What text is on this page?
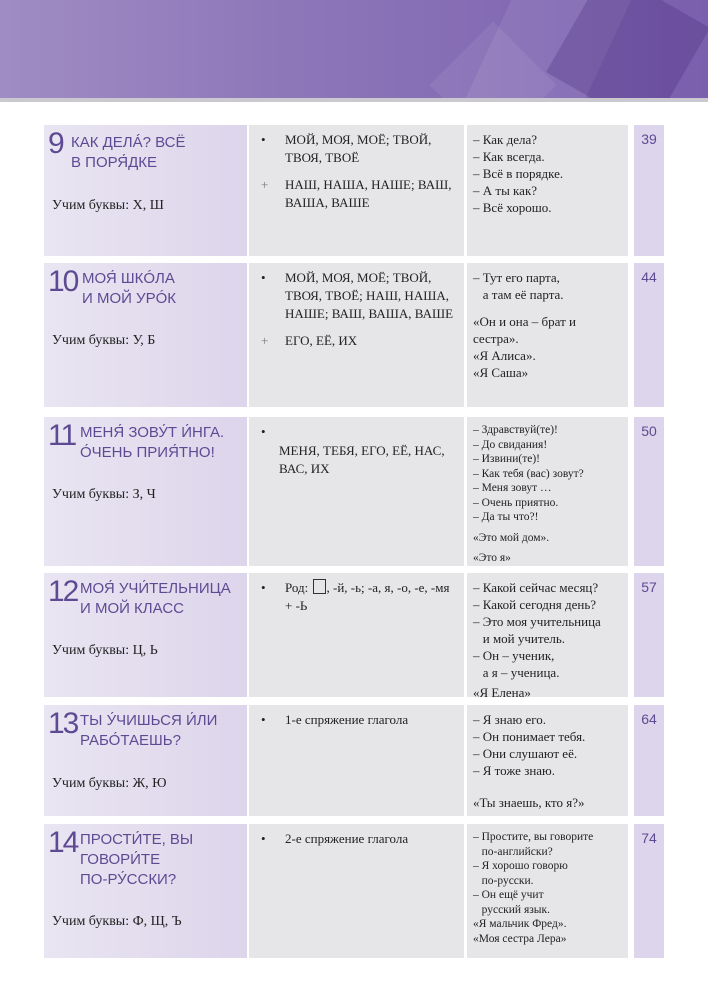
9 КАК ДЕЛÁ? ВСЁ
В ПОРЯ́ДКЕ
Учим буквы: Х, Ш
• МОЙ, МОЯ, МОЁ; ТВОЙ, ТВОЯ, ТВОЁ
+ НАШ, НАША, НАШЕ; ВАШ, ВАША, ВАШЕ
– Как дела?
– Как всегда.
– Всё в порядке.
– А ты как?
– Всё хорошо.
39
10 МОЯ́ ШКÓЛА
И МОЙ УРÓК
Учим буквы: У, Б
• МОЙ, МОЯ, МОЁ; ТВОЙ, ТВОЯ, ТВОЁ; НАШ, НАША, НАШЕ; ВАШ, ВАША, ВАШЕ
+ ЕГО, ЕЁ, ИХ
– Тут его парта,
а там её парта.
«Он и она – брат и
сестра».
«Я Алиса».
«Я Саша»
44
11 МЕНЯ́ ЗОВУ́Т И́НГА.
О́ЧЕНЬ ПРИЯ́ТНО!
Учим буквы: З, Ч
•
МЕНЯ, ТЕБЯ, ЕГО, ЕЁ, НАС, ВАС, ИХ
– Здравствуй(те)!
– До свидания!
– Извини(те)!
– Как тебя (вас) зовут?
– Меня зовут …
– Очень приятно.
– Да ты что?!
«Это мой дом».
«Это я»
50
12 МОЯ́ УЧИ́ТЕЛЬНИЦА
И МОЙ КЛАСС
Учим буквы: Ц, Ь
• Род: , -й, -ь; -а, я, -о, -е, -мя + -Ь
– Какой сейчас месяц?
– Какой сегодня день?
– Это моя учительница
и мой учитель.
– Он – ученик,
а я – ученица.
«Я Елена»
57
13 ТЫ У́ЧИШЬСЯ И́ЛИ
РАБО́ТАЕШЬ?
Учим буквы: Ж, Ю
• 1-е спряжение глагола	– Я знаю его.
– Он понимает тебя.
– Они слушают её.
– Я тоже знаю.
«Ты знаешь, кто я?»
64
14 ПРОСТИ́ТЕ, ВЫ
ГОВОРИ́ТЕ
ПО-РУ́ССКИ?
Учим буквы: Ф, Щ, Ъ
• 2-е спряжение глагола	– Простите, вы говорите
по-английски?
– Я хорошо говорю
по-русски.
– Он ещё учит
русский язык.
«Я мальчик Фред».
«Моя сестра Лера»
74
